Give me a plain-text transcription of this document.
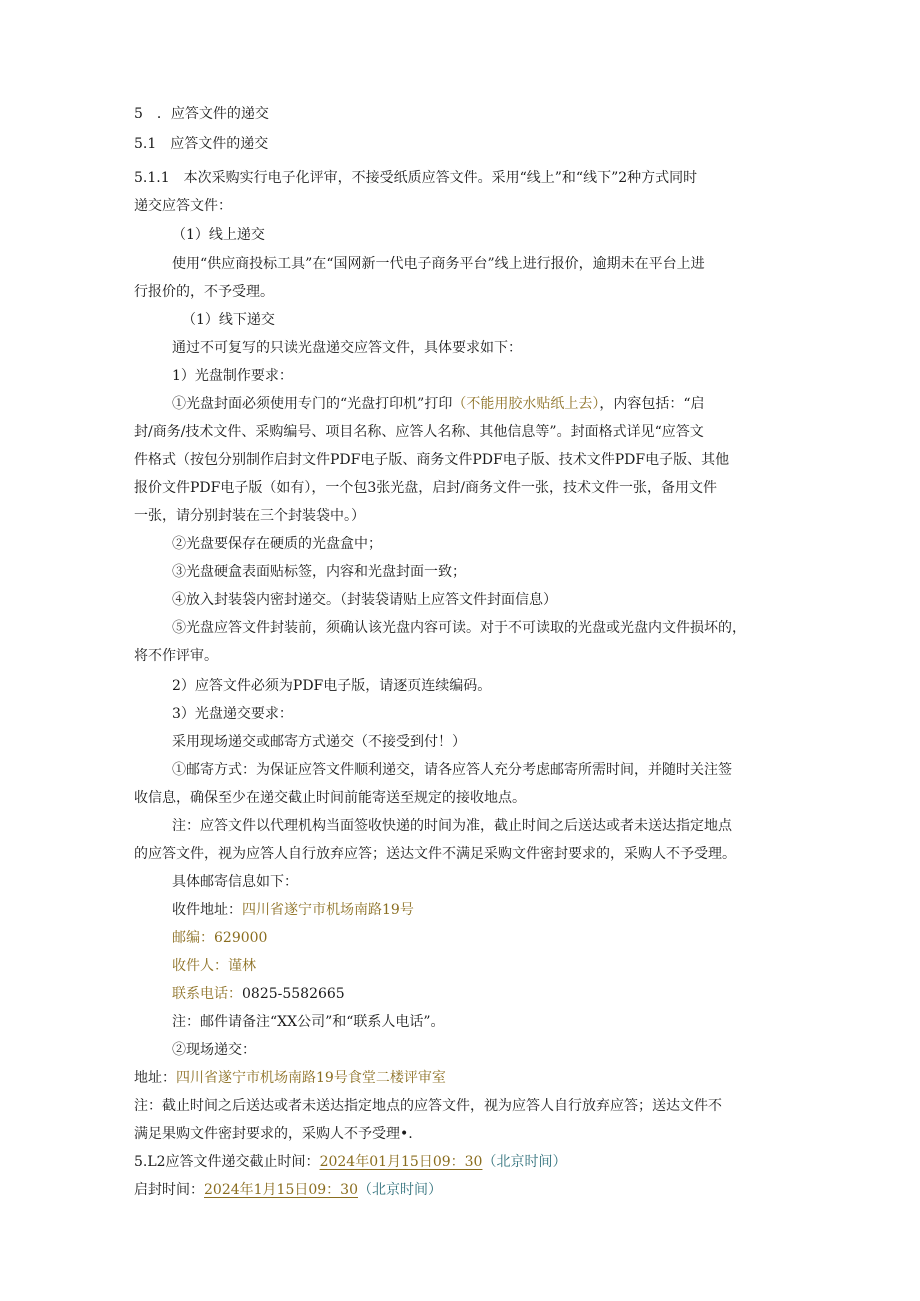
5　．应答文件的递交
5.1　应答文件的递交
5.1.1　本次采购实行电子化评审，不接受纸质应答文件。采用“线上”和“线下”2种方式同时
递交应答文件：
（1）线上递交
使用“供应商投标工具”在“国网新一代电子商务平台”线上进行报价，逾期未在平台上进
行报价的，不予受理。
（1）线下递交
通过不可复写的只读光盘递交应答文件，具体要求如下：
1）光盘制作要求：
①光盘封面必须使用专门的“光盘打印机”打印（不能用胶水贴纸上去），内容包括：“启
封/商务/技术文件、采购编号、项目名称、应答人名称、其他信息等”。封面格式详见“应答文
件格式（按包分别制作启封文件PDF电子版、商务文件PDF电子版、技术文件PDF电子版、其他
报价文件PDF电子版（如有），一个包3张光盘，启封/商务文件一张，技术文件一张，备用文件
一张，请分别封装在三个封装袋中。）
②光盘要保存在硬质的光盘盒中；
③光盘硬盒表面贴标签，内容和光盘封面一致；
④放入封装袋内密封递交。（封装袋请贴上应答文件封面信息）
⑤光盘应答文件封装前，须确认该光盘内容可读。对于不可读取的光盘或光盘内文件损坏的，
将不作评审。
2）应答文件必须为PDF电子版，请逐页连续编码。
3）光盘递交要求：
采用现场递交或邮寄方式递交（不接受到付！）
①邮寄方式：为保证应答文件顺利递交，请各应答人充分考虑邮寄所需时间，并随时关注签
收信息，确保至少在递交截止时间前能寄送至规定的接收地点。
注：应答文件以代理机构当面签收快递的时间为准，截止时间之后送达或者未送达指定地点
的应答文件，视为应答人自行放弃应答；送达文件不满足采购文件密封要求的，采购人不予受理。
具体邮寄信息如下：
收件地址：四川省遂宁市机场南路19号
邮编：629000
收件人：谨林
联系电话：0825-5582665
注：邮件请备注“XX公司”和“联系人电话”。
②现场递交：
地址：四川省遂宁市机场南路19号食堂二楼评审室
注：截止时间之后送达或者未送达指定地点的应答文件，视为应答人自行放弃应答；送达文件不
满足果购文件密封要求的，采购人不予受理•.
5.L2应答文件递交截止时间：2024年01月15日09：30（北京时间）
启封时间：2024年1月15日09：30（北京时间）
